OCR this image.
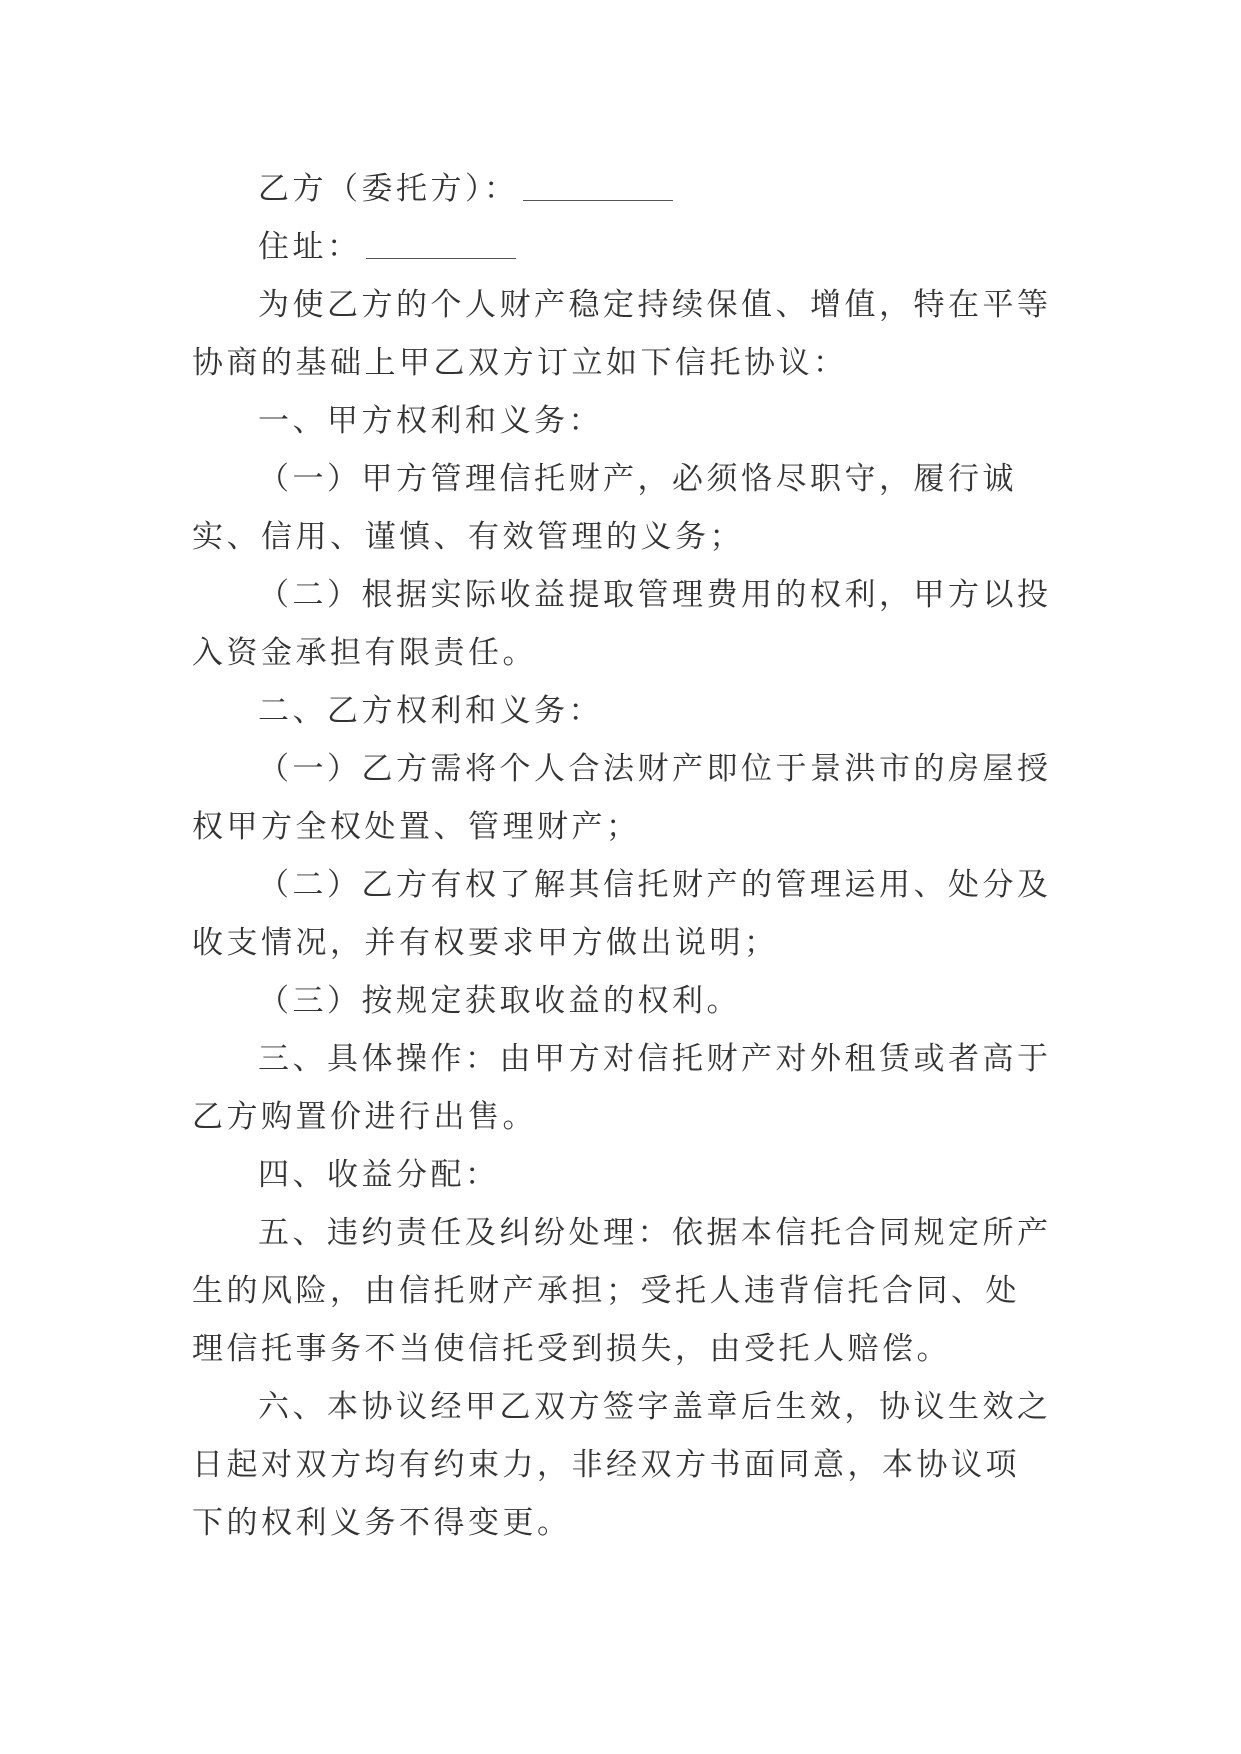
乙方（委托方）：

住址：

为使乙方的个人财产稳定持续保值、增值，特在平等协商的基础上甲乙双方订立如下信托协议：

一、甲方权利和义务：

（一）甲方管理信托财产，必须恪尽职守，履行诚实、信用、谨慎、有效管理的义务；

（二）根据实际收益提取管理费用的权利，甲方以投入资金承担有限责任。

二、乙方权利和义务：

（一）乙方需将个人合法财产即位于景洪市的房屋授权甲方全权处置、管理财产；

（二）乙方有权了解其信托财产的管理运用、处分及收支情况，并有权要求甲方做出说明；

（三）按规定获取收益的权利。

三、具体操作：由甲方对信托财产对外租赁或者高于乙方购置价进行出售。

四、收益分配：

五、违约责任及纠纷处理：依据本信托合同规定所产生的风险，由信托财产承担；受托人违背信托合同、处理信托事务不当使信托受到损失，由受托人赔偿。

六、本协议经甲乙双方签字盖章后生效，协议生效之日起对双方均有约束力，非经双方书面同意，本协议项下的权利义务不得变更。
